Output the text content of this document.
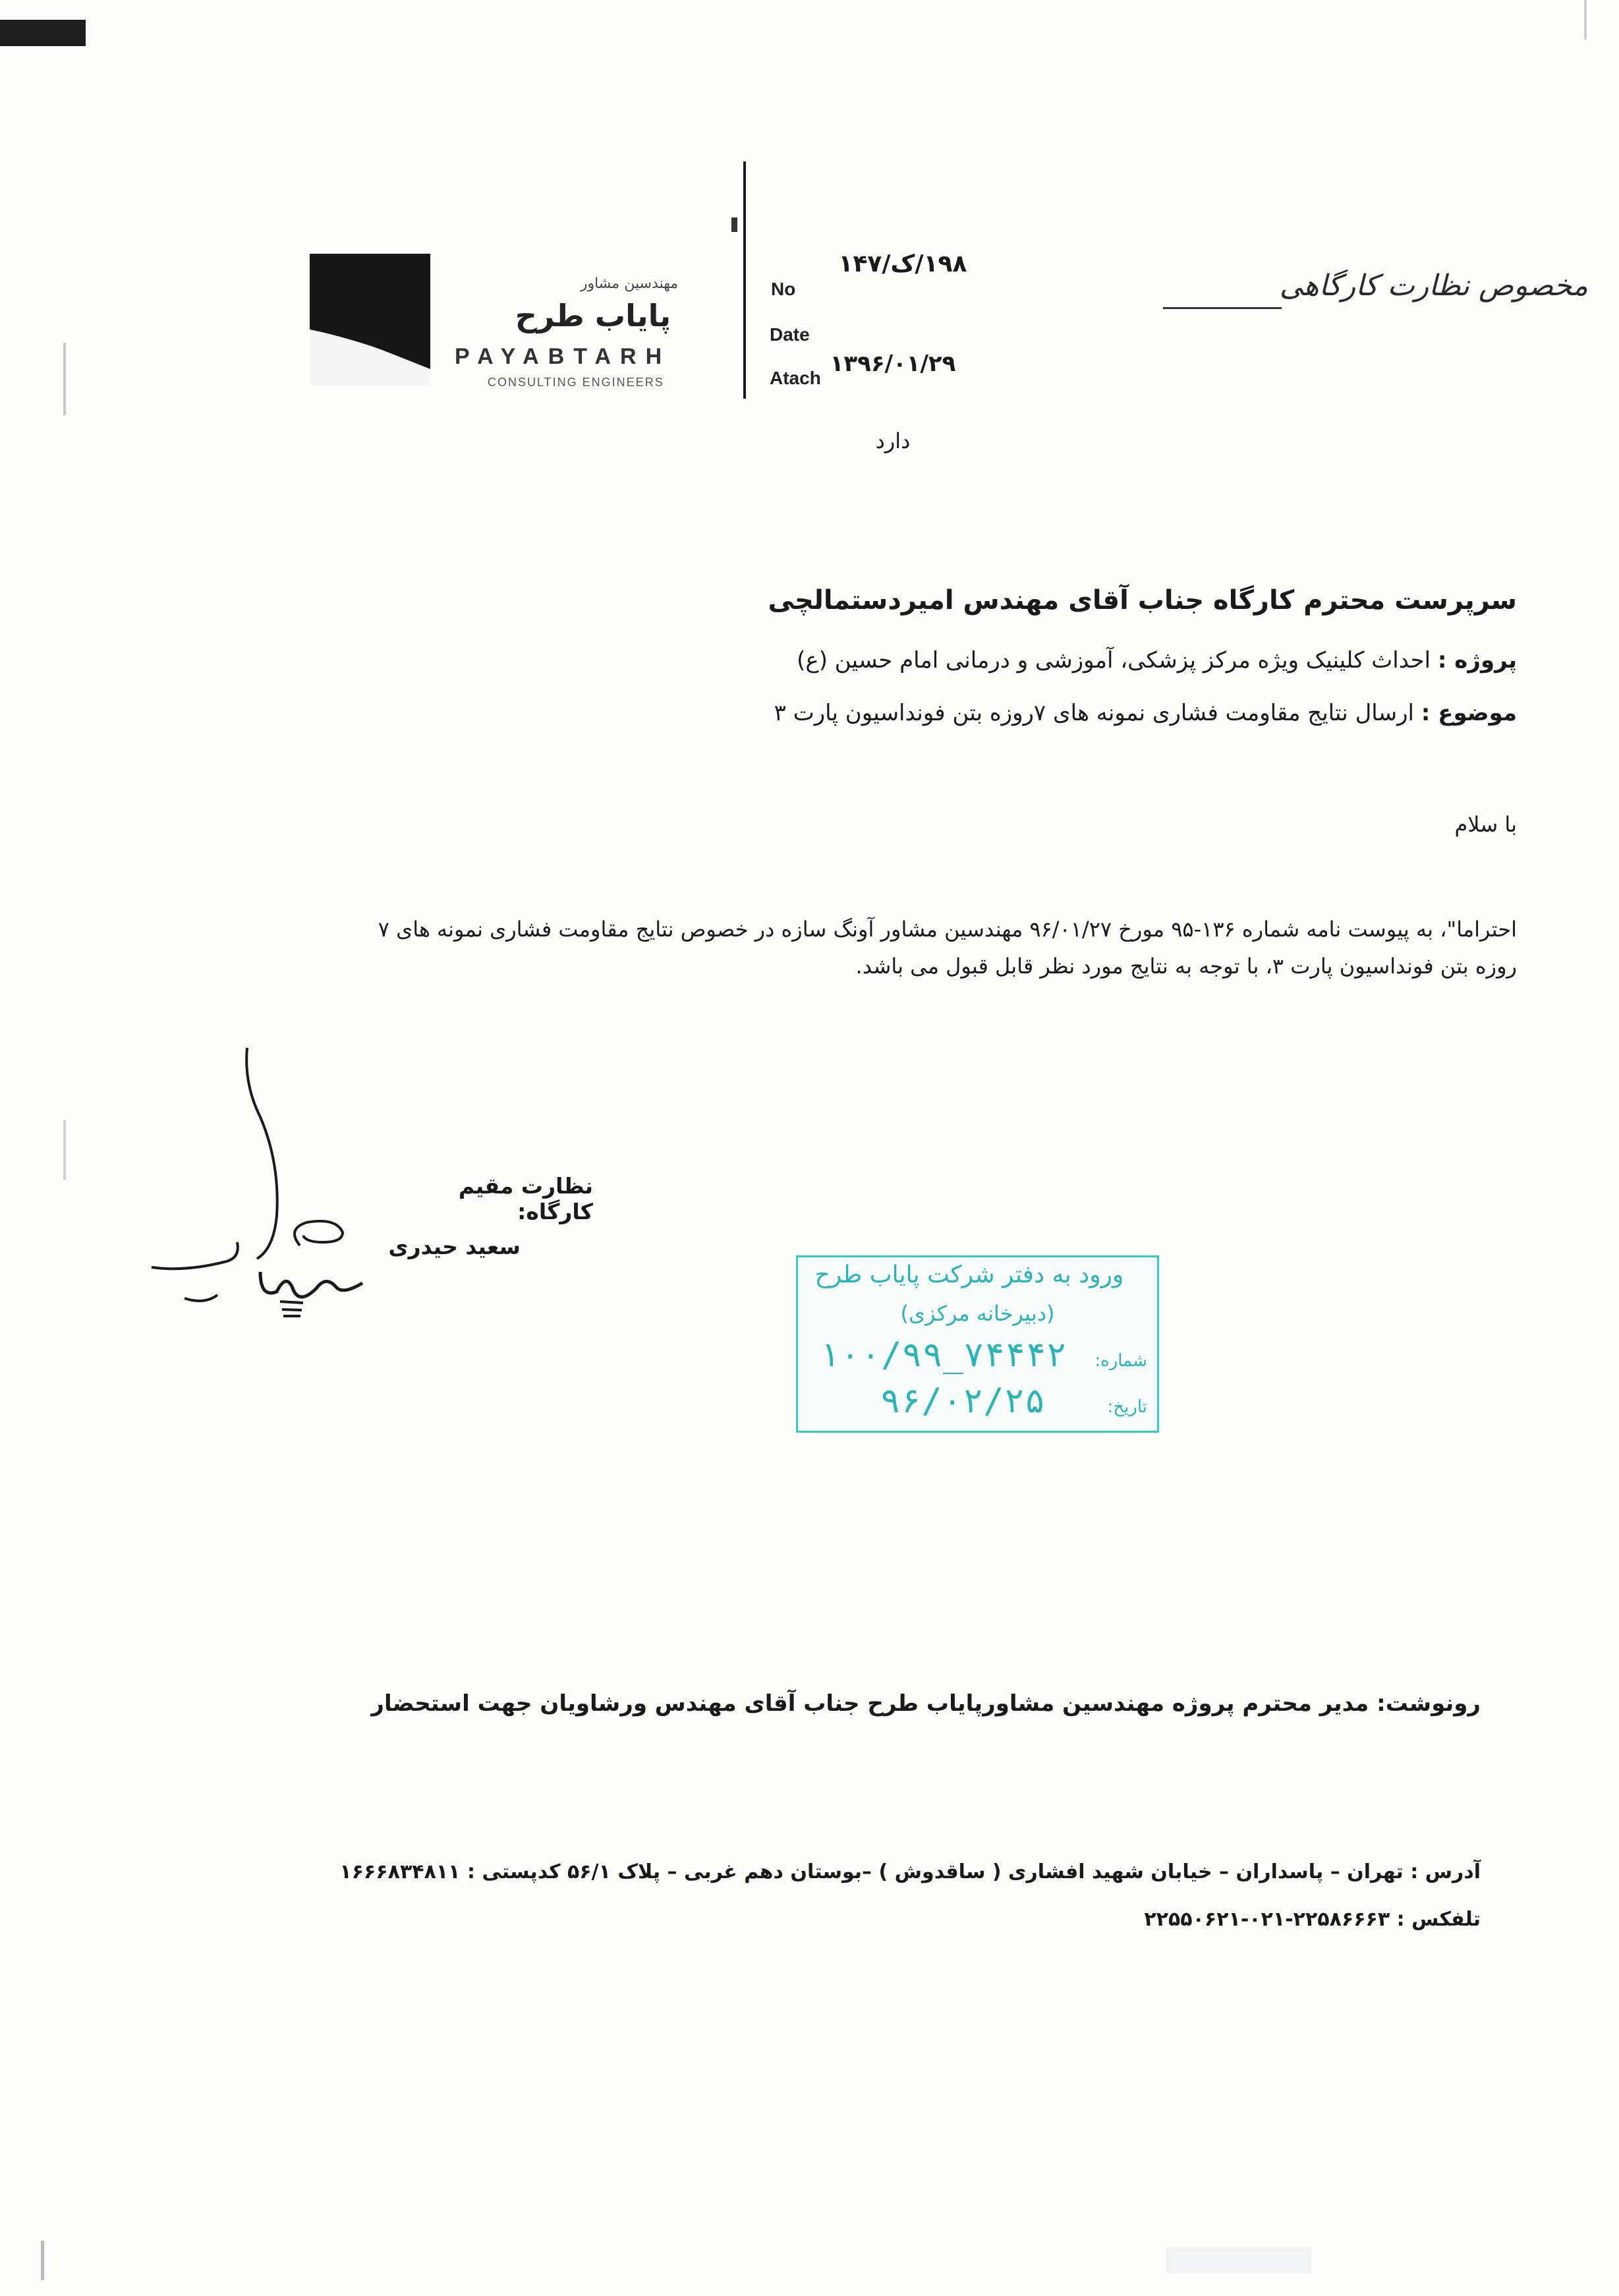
مهندسین مشاور
پایاب طرح
PAYABTARH
CONSULTING ENGINEERS
No
Date
Atach
۱۹۸/ک/۱۴۷
۱۳۹۶/۰۱/۲۹
دارد
مخصوص نظارت کارگاهی
سرپرست محترم کارگاه جناب آقای مهندس امیردستمالچی
پروژه : احداث کلینیک ویژه مرکز پزشکی، آموزشی و درمانی امام حسین (ع)
موضوع : ارسال نتایج مقاومت فشاری نمونه های ۷روزه بتن فونداسیون پارت ۳
با سلام
احتراما"، به پیوست نامه شماره ۱۳۶-۹۵ مورخ ۹۶/۰۱/۲۷ مهندسین مشاور آونگ سازه در خصوص نتایج مقاومت فشاری نمونه های ۷
روزه بتن فونداسیون پارت ۳، با توجه به نتایج مورد نظر قابل قبول می باشد.
نظارت مقیم کارگاه:
سعید حیدری
ورود به دفتر شرکت پایاب طرح
(دبیرخانه مرکزی)
شماره:
۱۰۰/۹۹_۷۴۴۴۲
تاریخ:
۹۶/۰۲/۲۵
رونوشت: مدیر محترم پروژه مهندسین مشاورپایاب طرح جناب آقای مهندس ورشاویان جهت استحضار
آدرس : تهران – پاسداران – خیابان شهید افشاری ( ساقدوش ) –بوستان دهم غربی – پلاک ۵۶/۱ کدپستی : ۱۶۶۶۸۳۴۸۱۱
تلفکس : ۲۲۵۸۶۶۶۳-۰۲۱-۲۲۵۵۰۶۲۱
